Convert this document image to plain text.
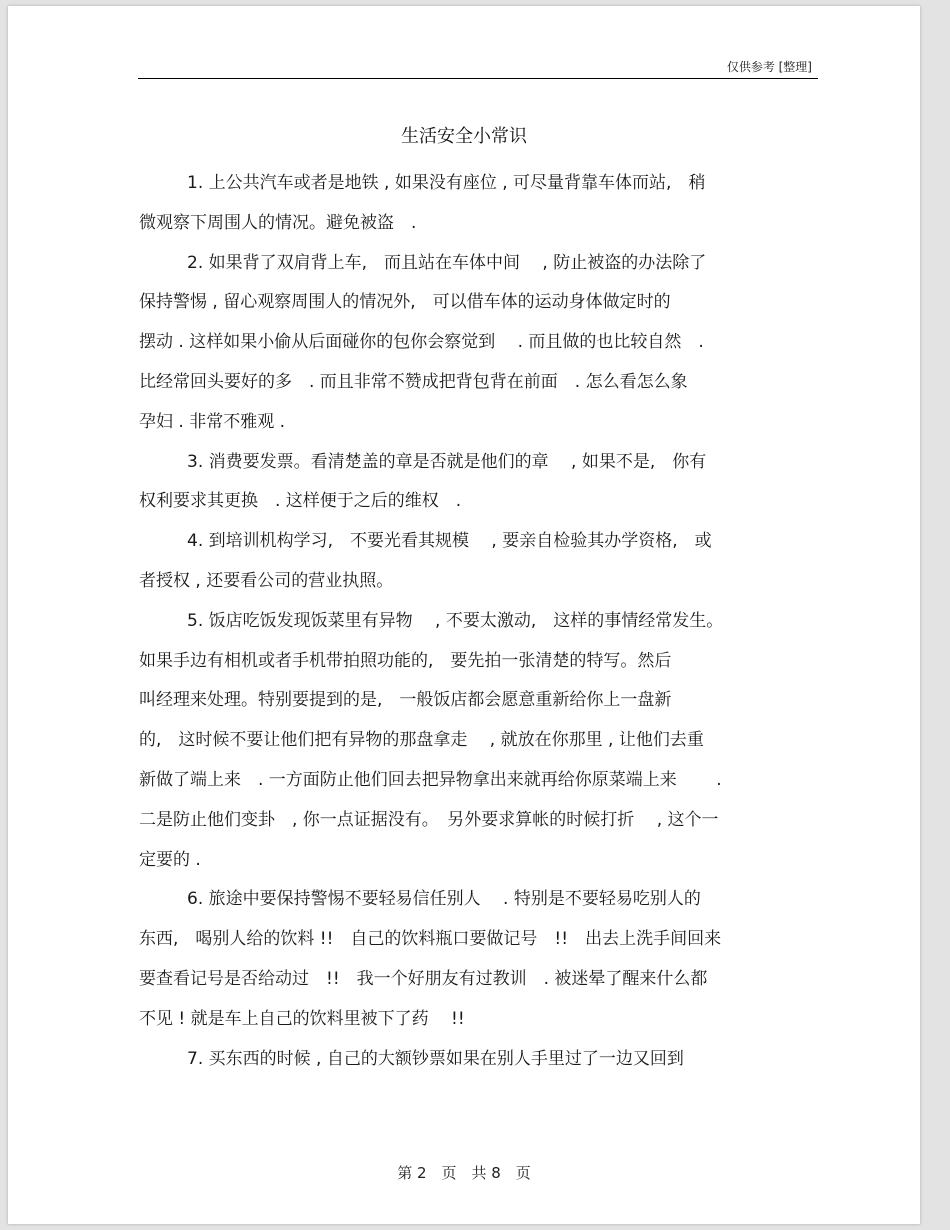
仅供参考 [整理]
生活安全小常识
1. 上公共汽车或者是地铁 , 如果没有座位 , 可尽量背靠车体而站,　稍
微观察下周围人的情况。避免被盗　.
2. 如果背了双肩背上车,　而且站在车体中间　 , 防止被盗的办法除了
保持警惕 , 留心观察周围人的情况外,　可以借车体的运动身体做定时的
摆动 . 这样如果小偷从后面碰你的包你会察觉到　 . 而且做的也比较自然　.
比经常回头要好的多　. 而且非常不赞成把背包背在前面　. 怎么看怎么象
孕妇 . 非常不雅观 .
3. 消费要发票。看清楚盖的章是否就是他们的章　 , 如果不是,　你有
权利要求其更换　. 这样便于之后的维权　.
4. 到培训机构学习,　不要光看其规模　 , 要亲自检验其办学资格,　或
者授权 , 还要看公司的营业执照。
5. 饭店吃饭发现饭菜里有异物　 , 不要太激动,　这样的事情经常发生。
如果手边有相机或者手机带拍照功能的,　要先拍一张清楚的特写。然后
叫经理来处理。特别要提到的是,　一般饭店都会愿意重新给你上一盘新
的,　这时候不要让他们把有异物的那盘拿走　 , 就放在你那里 , 让他们去重
新做了端上来　. 一方面防止他们回去把异物拿出来就再给你原菜端上来　　 .
二是防止他们变卦　, 你一点证据没有。　另外要求算帐的时候打折　 , 这个一
定要的 .
6. 旅途中要保持警惕不要轻易信任别人　 . 特别是不要轻易吃别人的
东西,　喝别人给的饮料 !!　自己的饮料瓶口要做记号　!!　出去上洗手间回来
要查看记号是否给动过　!!　我一个好朋友有过教训　. 被迷晕了醒来什么都
不见 ! 就是车上自己的饮料里被下了药　 !!
7. 买东西的时候 , 自己的大额钞票如果在别人手里过了一边又回到
第 2　页　共 8　页
